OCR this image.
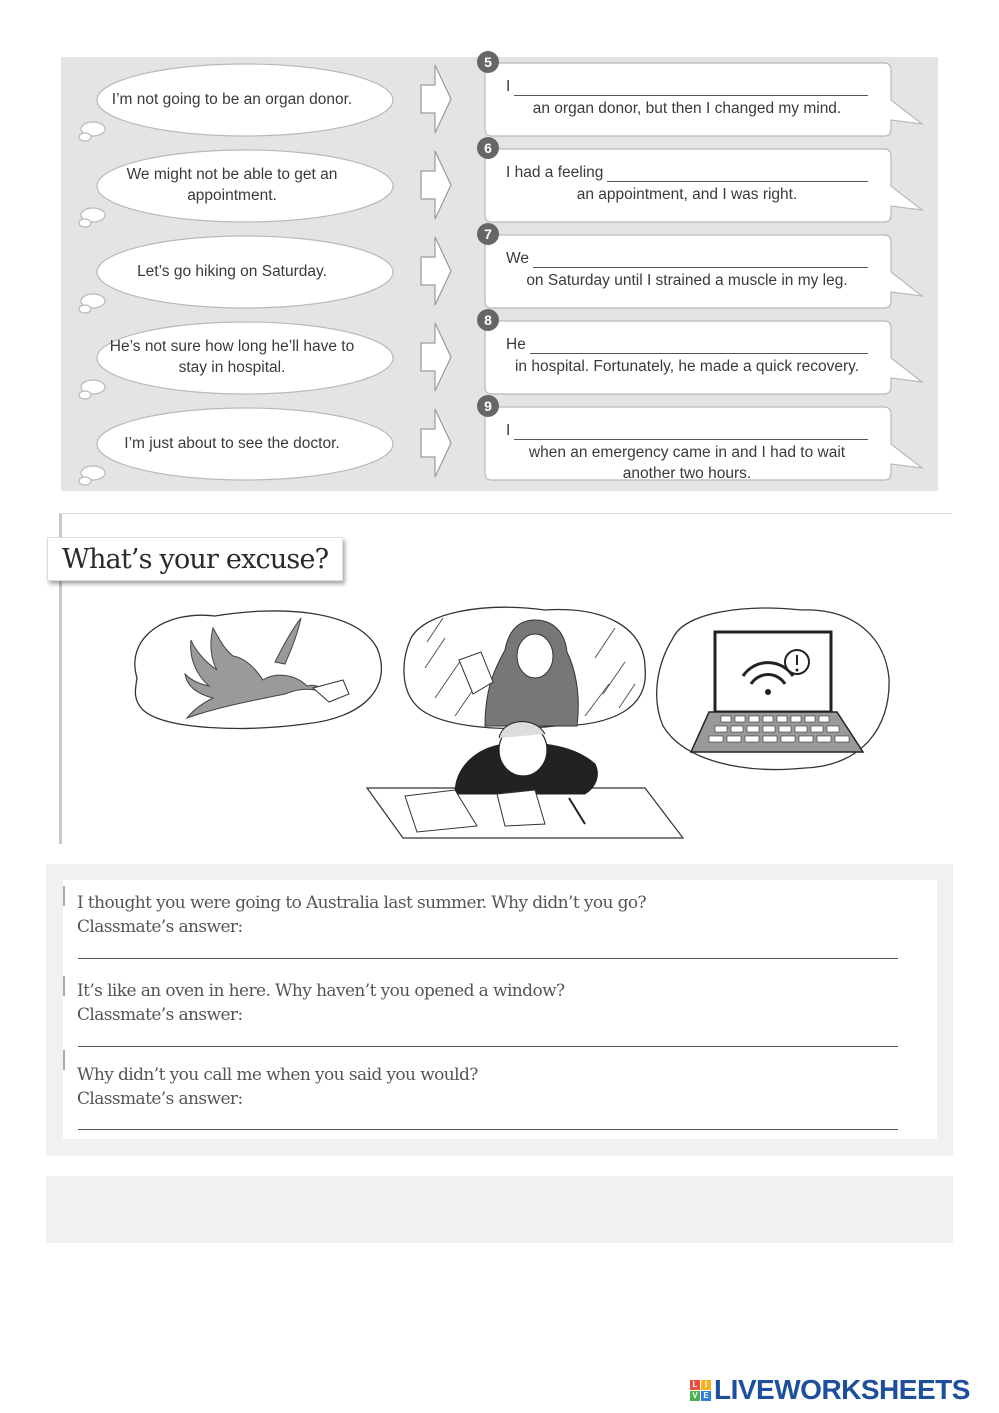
I’m not going to be an organ donor.
I
an organ donor, but then I changed my mind.
5
We might not be able to get an appointment.
I had a feeling
an appointment, and I was right.
6
Let’s go hiking on Saturday.
We
on Saturday until I strained a muscle in my leg.
7
He’s not sure how long he’ll have to stay in hospital.
He
in hospital. Fortunately, he made a quick recovery.
8
I’m just about to see the doctor.
I
when an emergency came in and I had to wait another two hours.
9
What’s your excuse?
I thought you were going to Australia last summer. Why didn’t you go?
Classmate’s answer:
It’s like an oven in here. Why haven’t you opened a window?
Classmate’s answer:
Why didn’t you call me when you said you would?
Classmate’s answer:
L I
V E LIVEWORKSHEETS
